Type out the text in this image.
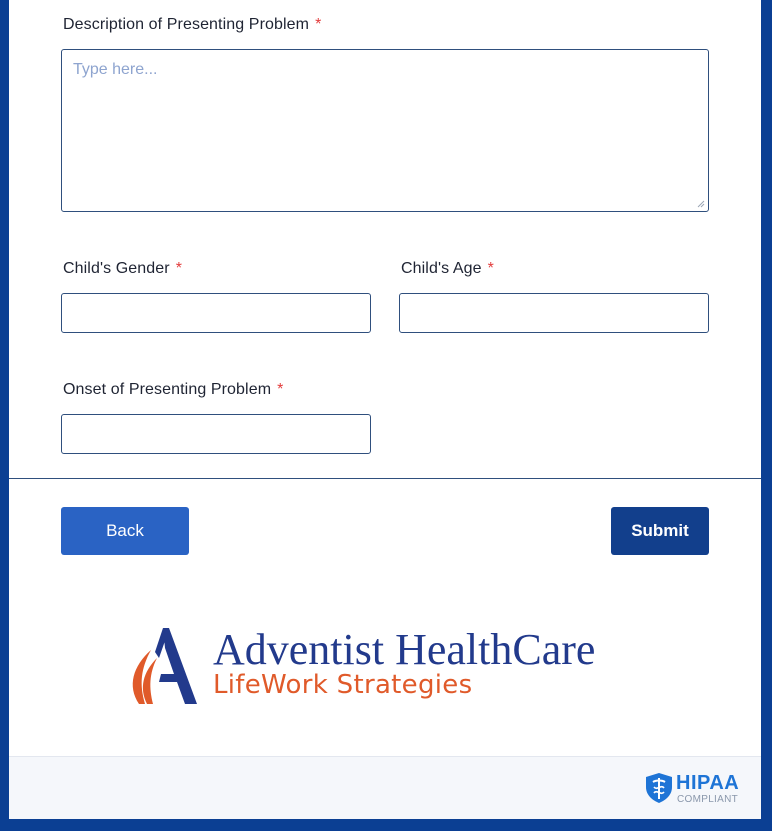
Description of Presenting Problem *
Type here...
Child's Gender *	Child's Age *
Onset of Presenting Problem *
Back	Submit
Adventist HealthCare
LifeWork Strategies
HIPAA
COMPLIANT
